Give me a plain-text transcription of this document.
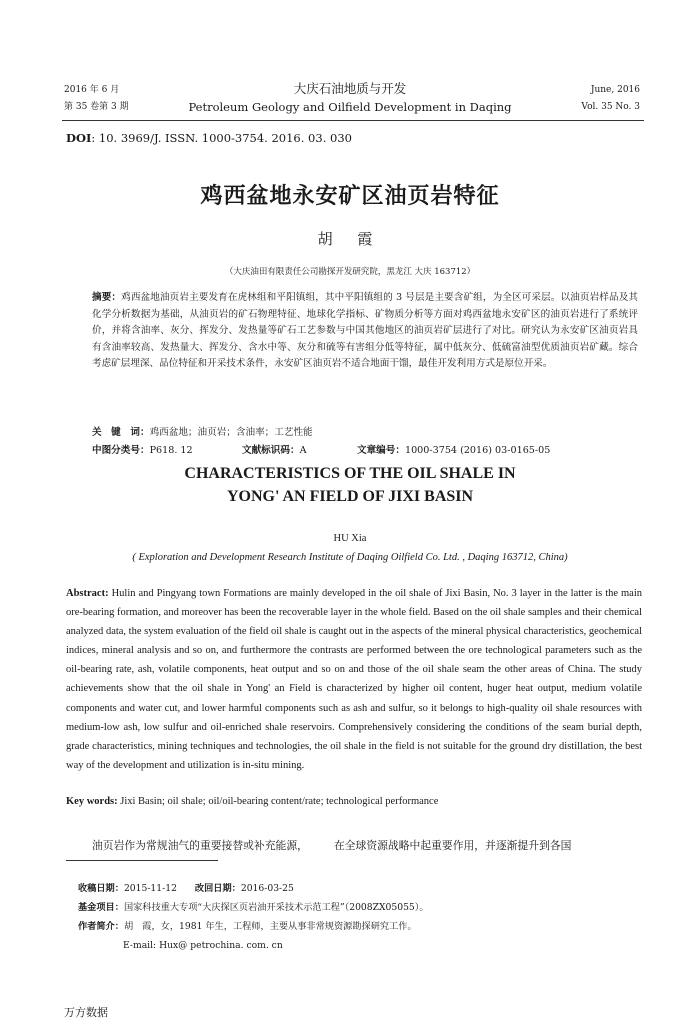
2016 年 6 月
第 35 卷第 3 期
大庆石油地质与开发
Petroleum Geology and Oilfield Development in Daqing
June, 2016
Vol. 35 No. 3
DOI: 10. 3969/J. ISSN. 1000-3754. 2016. 03. 030
鸡西盆地永安矿区油页岩特征
胡 霞
（大庆油田有限责任公司勘探开发研究院，黑龙江 大庆 163712）
摘要：鸡西盆地油页岩主要发育在虎林组和平阳镇组，其中平阳镇组的 3 号层是主要含矿组，为全区可采层。以油页岩样品及其化学分析数据为基础，从油页岩的矿石物理特征、地球化学指标、矿物质分析等方面对鸡西盆地永安矿区的油页岩进行了系统评价，并将含油率、灰分、挥发分、发热量等矿石工艺参数与中国其他地区的油页岩矿层进行了对比。研究认为永安矿区油页岩具有含油率较高、发热量大、挥发分、含水中等、灰分和硫等有害组分低等特征，属中低灰分、低硫富油型优质油页岩矿藏。综合考虑矿层埋深、品位特征和开采技术条件，永安矿区油页岩不适合地面干馏，最佳开发利用方式是原位开采。
关　键　词：鸡西盆地；油页岩；含油率；工艺性能
中图分类号：P618. 12	文献标识码：A	文章编号：1000-3754 (2016) 03-0165-05
CHARACTERISTICS OF THE OIL SHALE IN
YONG' AN FIELD OF JIXI BASIN
HU Xia
( Exploration and Development Research Institute of Daqing Oilfield Co. Ltd. , Daqing 163712, China)
Abstract: Hulin and Pingyang town Formations are mainly developed in the oil shale of Jixi Basin, No. 3 layer in the latter is the main ore-bearing formation, and moreover has been the recoverable layer in the whole field. Based on the oil shale samples and their chemical analyzed data, the system evaluation of the field oil shale is caught out in the aspects of the mineral physical characteristics, geochemical indices, mineral analysis and so on, and furthermore the contrasts are performed between the ore technological parameters such as the oil-bearing rate, ash, volatile components, heat output and so on and those of the oil shale seam the other areas of China. The study achievements show that the oil shale in Yong' an Field is characterized by higher oil content, huger heat output, medium volatile components and water cut, and lower harmful components such as ash and sulfur, so it belongs to high-quality oil shale resources with medium-low ash, low sulfur and oil-enriched shale reservoirs. Comprehensively considering the conditions of the seam burial depth, grade characteristics, mining techniques and technologies, the oil shale in the field is not suitable for the ground dry distillation, the best way of the development and utilization is in-situ mining.
Key words: Jixi Basin; oil shale; oil/oil-bearing content/rate; technological performance
油页岩作为常规油气的重要接替或补充能源， 在全球资源战略中起重要作用，并逐渐提升到各国
收稿日期：2015-11-12 改回日期：2016-03-25
基金项目：国家科技重大专项“大庆探区页岩油开采技术示范工程”（2008ZX05055）。
作者简介：胡　霞，女，1981 年生，工程师，主要从事非常规资源勘探研究工作。
E-mail: Hux@ petrochina. com. cn
万方数据
